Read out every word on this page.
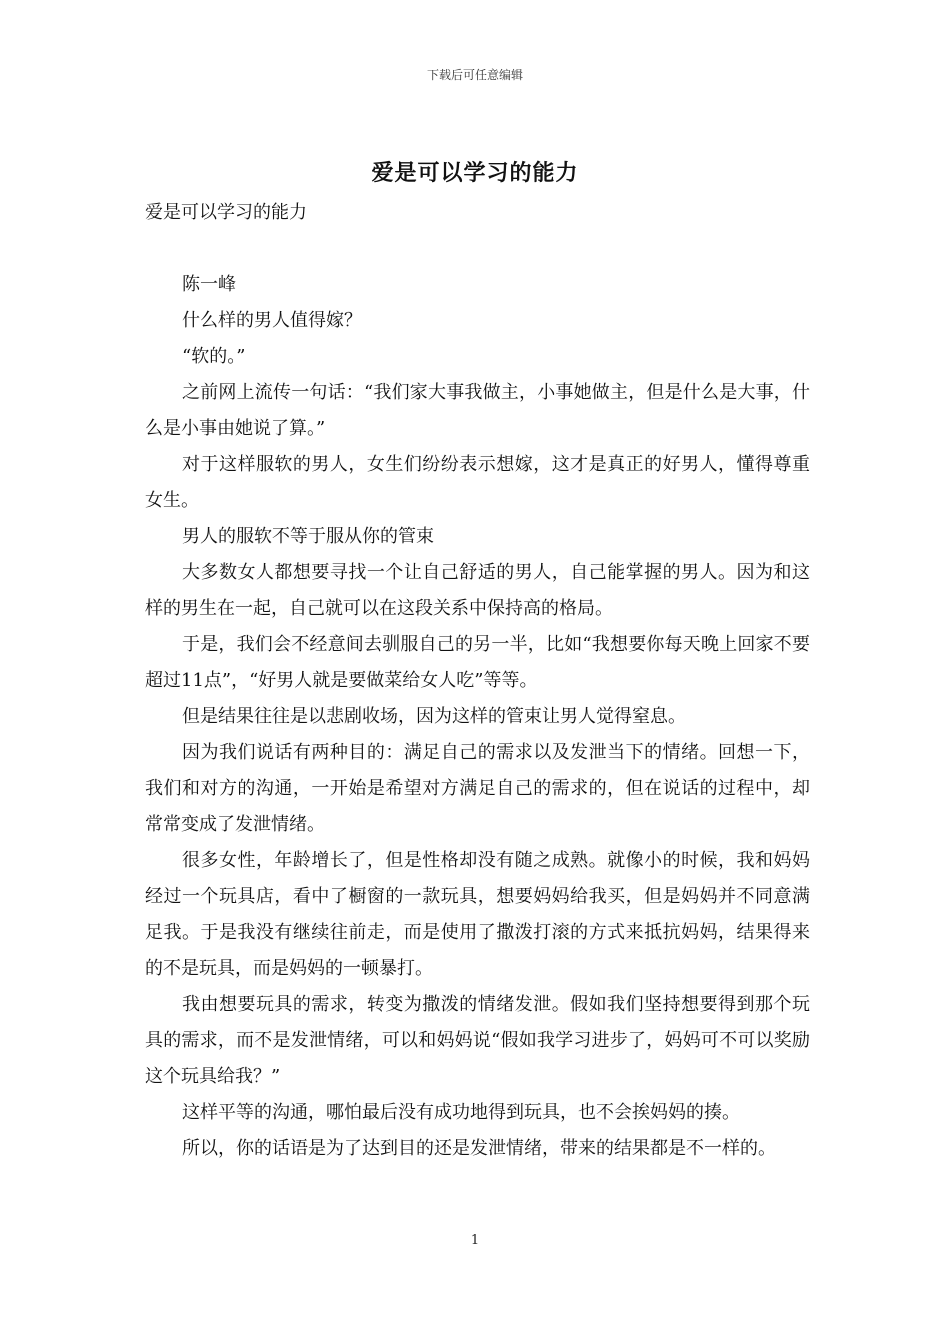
下载后可任意编辑
爱是可以学习的能力

爱是可以学习的能力

陈一峰

什么样的男人值得嫁？

“软的。”

之前网上流传一句话：“我们家大事我做主，小事她做主，但是什么是大事，什么是小事由她说了算。”

对于这样服软的男人，女生们纷纷表示想嫁，这才是真正的好男人，懂得尊重女生。

男人的服软不等于服从你的管束

大多数女人都想要寻找一个让自己舒适的男人，自己能掌握的男人。因为和这样的男生在一起，自己就可以在这段关系中保持高的格局。

于是，我们会不经意间去驯服自己的另一半，比如“我想要你每天晚上回家不要超过11点”，“好男人就是要做菜给女人吃”等等。

但是结果往往是以悲剧收场，因为这样的管束让男人觉得窒息。

因为我们说话有两种目的：满足自己的需求以及发泄当下的情绪。回想一下，我们和对方的沟通，一开始是希望对方满足自己的需求的，但在说话的过程中，却常常变成了发泄情绪。

很多女性，年龄增长了，但是性格却没有随之成熟。就像小的时候，我和妈妈经过一个玩具店，看中了橱窗的一款玩具，想要妈妈给我买，但是妈妈并不同意满足我。于是我没有继续往前走，而是使用了撒泼打滚的方式来抵抗妈妈，结果得来的不是玩具，而是妈妈的一顿暴打。

我由想要玩具的需求，转变为撒泼的情绪发泄。假如我们坚持想要得到那个玩具的需求，而不是发泄情绪，可以和妈妈说“假如我学习进步了，妈妈可不可以奖励这个玩具给我？”

这样平等的沟通，哪怕最后没有成功地得到玩具，也不会挨妈妈的揍。

所以，你的话语是为了达到目的还是发泄情绪，带来的结果都是不一样的。

1
